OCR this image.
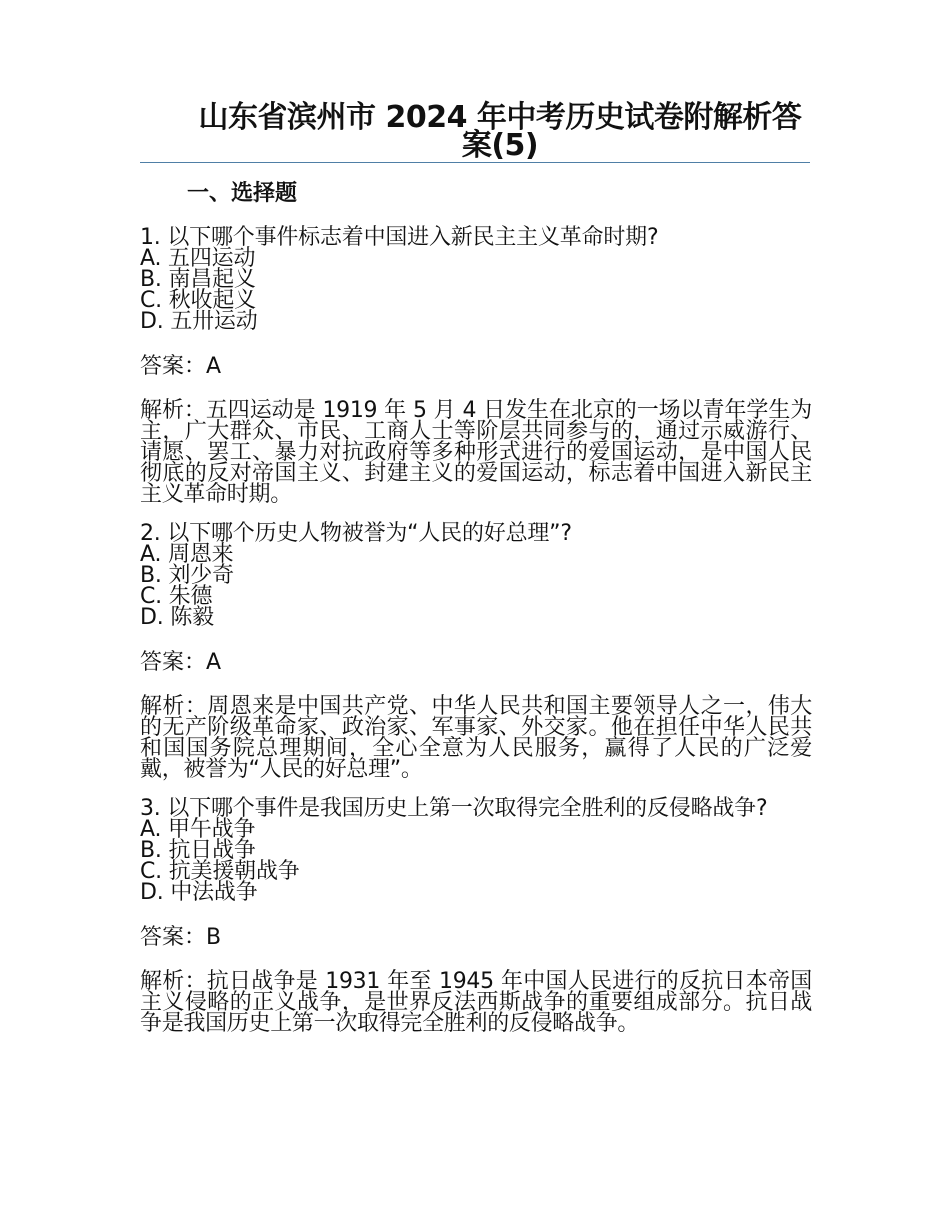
山东省滨州市 2024 年中考历史试卷附解析答案(5)
一、选择题

1. 以下哪个事件标志着中国进入新民主主义革命时期?

A. 五四运动
B. 南昌起义
C. 秋收起义
D. 五卅运动

答案：A

解析：五四运动是 1919 年 5 月 4 日发生在北京的一场以青年学生为主，广大群众、市民、工商人士等阶层共同参与的，通过示威游行、请愿、罢工、暴力对抗政府等多种形式进行的爱国运动，是中国人民彻底的反对帝国主义、封建主义的爱国运动，标志着中国进入新民主主义革命时期。

2. 以下哪个历史人物被誉为“人民的好总理”?

A. 周恩来
B. 刘少奇
C. 朱德
D. 陈毅

答案：A

解析：周恩来是中国共产党、中华人民共和国主要领导人之一，伟大的无产阶级革命家、政治家、军事家、外交家。他在担任中华人民共和国国务院总理期间，全心全意为人民服务，赢得了人民的广泛爱戴，被誉为“人民的好总理”。

3. 以下哪个事件是我国历史上第一次取得完全胜利的反侵略战争?

A. 甲午战争
B. 抗日战争
C. 抗美援朝战争
D. 中法战争

答案：B

解析：抗日战争是 1931 年至 1945 年中国人民进行的反抗日本帝国主义侵略的正义战争，是世界反法西斯战争的重要组成部分。抗日战争是我国历史上第一次取得完全胜利的反侵略战争。
